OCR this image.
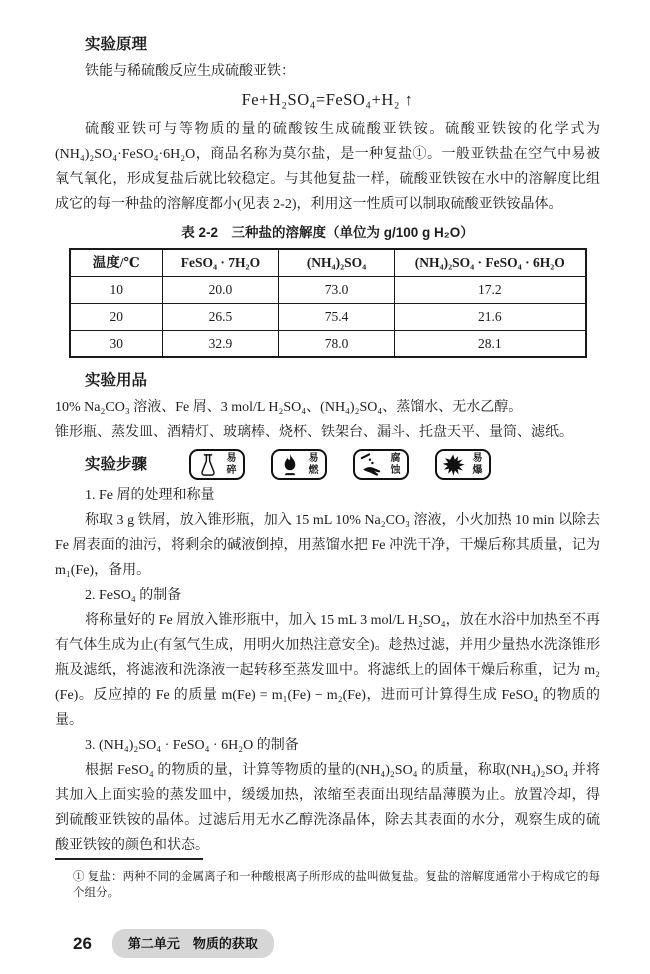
实验原理
铁能与稀硫酸反应生成硫酸亚铁：
Fe+H₂SO₄=FeSO₄+H₂ ↑
硫酸亚铁可与等物质的量的硫酸铵生成硫酸亚铁铵。硫酸亚铁铵的化学式为(NH₄)₂SO₄·FeSO₄·6H₂O，商品名称为莫尔盐，是一种复盐①。一般亚铁盐在空气中易被氧气氧化，形成复盐后就比较稳定。与其他复盐一样，硫酸亚铁铵在水中的溶解度比组成它的每一种盐的溶解度都小(见表 2-2)，利用这一性质可以制取硫酸亚铁铵晶体。
表 2-2　三种盐的溶解度（单位为 g/100 g H₂O）
温度/℃	FeSO₄ · 7H₂O	(NH₄)₂SO₄	(NH₄)₂SO₄ · FeSO₄ · 6H₂O
10	20.0	73.0	17.2
20	26.5	75.4	21.6
30	32.9	78.0	28.1
实验用品
10% Na₂CO₃ 溶液、Fe 屑、3 mol/L H₂SO₄、(NH₄)₂SO₄、蒸馏水、无水乙醇。
锥形瓶、蒸发皿、酒精灯、玻璃棒、烧杯、铁架台、漏斗、托盘天平、量筒、滤纸。
实验步骤	易碎
易燃
腐蚀
易爆
1. Fe 屑的处理和称量
称取 3 g 铁屑，放入锥形瓶，加入 15 mL 10% Na₂CO₃ 溶液，小火加热 10 min 以除去 Fe 屑表面的油污，将剩余的碱液倒掉，用蒸馏水把 Fe 冲洗干净，干燥后称其质量，记为 m₁(Fe)，备用。
2. FeSO₄ 的制备
将称量好的 Fe 屑放入锥形瓶中，加入 15 mL 3 mol/L H₂SO₄，放在水浴中加热至不再有气体生成为止(有氢气生成，用明火加热注意安全)。趁热过滤，并用少量热水洗涤锥形瓶及滤纸，将滤液和洗涤液一起转移至蒸发皿中。将滤纸上的固体干燥后称重，记为 m₂ (Fe)。反应掉的 Fe 的质量 m(Fe) = m₁(Fe) − m₂(Fe)，进而可计算得生成 FeSO₄ 的物质的量。
3. (NH₄)₂SO₄ · FeSO₄ · 6H₂O 的制备
根据 FeSO₄ 的物质的量，计算等物质的量的(NH₄)₂SO₄ 的质量，称取(NH₄)₂SO₄ 并将其加入上面实验的蒸发皿中，缓缓加热，浓缩至表面出现结晶薄膜为止。放置冷却，得到硫酸亚铁铵的晶体。过滤后用无水乙醇洗涤晶体，除去其表面的水分，观察生成的硫酸亚铁铵的颜色和状态。
① 复盐：两种不同的金属离子和一种酸根离子所形成的盐叫做复盐。复盐的溶解度通常小于构成它的每个组分。
26	第二单元　物质的获取
